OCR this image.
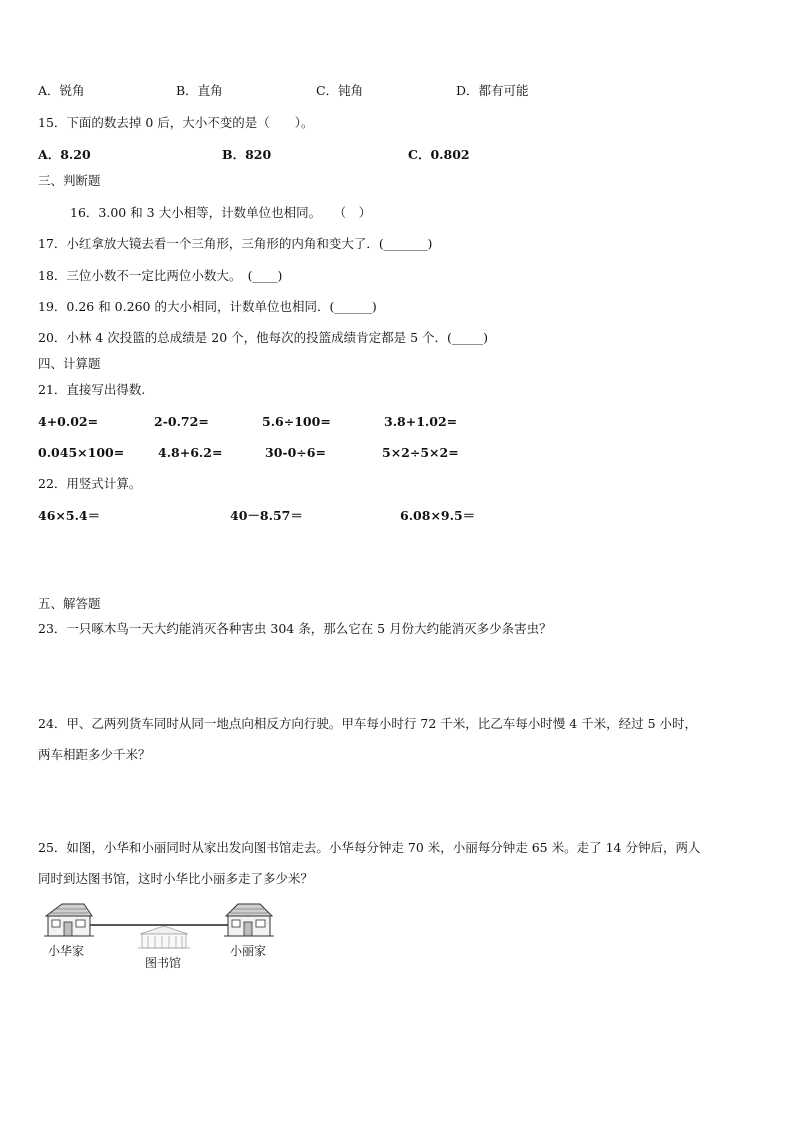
A．锐角	B．直角	C．钝角	D．都有可能
15．下面的数去掉 0 后，大小不变的是（　　）。
A．8.20	B．820	C．0.802
三、判断题
16．3.00 和 3 大小相等，计数单位也相同。　　（　）
17．小红拿放大镜去看一个三角形，三角形的内角和变大了．(_______)
18．三位小数不一定比两位小数大。　(____)
19．0.26 和 0.260 的大小相同，计数单位也相同．(______)
20．小林 4 次投篮的总成绩是 20 个，他每次的投篮成绩肯定都是 5 个．(_____)
四、计算题
21．直接写出得数.
4+0.02=	2-0.72=	5.6÷100=	3.8+1.02=
0.045×100=	4.8+6.2=	30-0÷6=	5×2÷5×2=
22．用竖式计算。
46×5.4＝	40－8.57＝	6.08×9.5＝
五、解答题
23．一只啄木鸟一天大约能消灭各种害虫 304 条，那么它在 5 月份大约能消灭多少条害虫？
24．甲、乙两列货车同时从同一地点向相反方向行驶。甲车每小时行 72 千米，比乙车每小时慢 4 千米，经过 5 小时，
两车相距多少千米？
25．如图，小华和小丽同时从家出发向图书馆走去。小华每分钟走 70 米，小丽每分钟走 65 米。走了 14 分钟后，两人
同时到达图书馆，这时小华比小丽多走了多少米？
小华家
图书馆
小丽家
